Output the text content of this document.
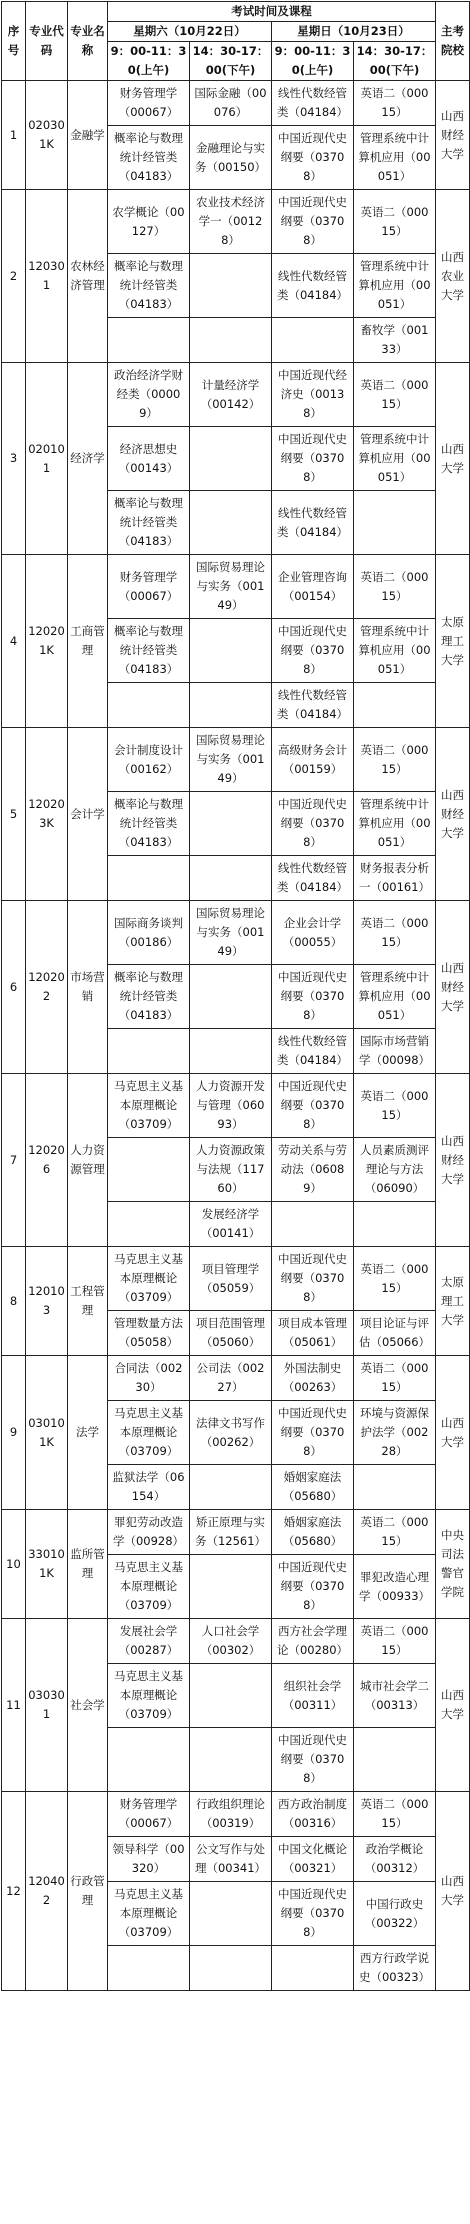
序号	专业代码	专业名称	考试时间及课程				主考院校
			星期六（10月22日）		星期日（10月23日）		
			9：00-11：30(上午)	14：30-17：00(下午)	9：00-11：30(上午)	14：30-17：00(下午)	
1	020301K	金融学	财务管理学（00067）	国际金融（00076）	线性代数经管类（04184）	英语二（00015）	山西财经大学
			概率论与数理统计经管类（04183）	金融理论与实务（00150）	中国近现代史纲要（03708）	管理系统中计算机应用（00051）	
2	120301	农林经济管理	农学概论（00127）	农业技术经济学一（00128）	中国近现代史纲要（03708）	英语二（00015）	山西农业大学
			概率论与数理统计经管类（04183）		线性代数经管类（04184）	管理系统中计算机应用（00051）	
						畜牧学（00133）	
3	020101	经济学	政治经济学财经类（00009）	计量经济学（00142）	中国近现代经济史（00138）	英语二（00015）	山西大学
			经济思想史（00143）		中国近现代史纲要（03708）	管理系统中计算机应用（00051）	
			概率论与数理统计经管类（04183）		线性代数经管类（04184）		
4	120201K	工商管理	财务管理学（00067）	国际贸易理论与实务（00149）	企业管理咨询（00154）	英语二（00015）	太原理工大学
			概率论与数理统计经管类（04183）		中国近现代史纲要（03708）	管理系统中计算机应用（00051）	
					线性代数经管类（04184）		
5	120203K	会计学	会计制度设计（00162）	国际贸易理论与实务（00149）	高级财务会计（00159）	英语二（00015）	山西财经大学
			概率论与数理统计经管类（04183）		中国近现代史纲要（03708）	管理系统中计算机应用（00051）	
					线性代数经管类（04184）	财务报表分析一（00161）	
6	120202	市场营销	国际商务谈判（00186）	国际贸易理论与实务（00149）	企业会计学（00055）	英语二（00015）	山西财经大学
			概率论与数理统计经管类（04183）		中国近现代史纲要（03708）	管理系统中计算机应用（00051）	
					线性代数经管类（04184）	国际市场营销学（00098）	
7	120206	人力资源管理	马克思主义基本原理概论（03709）	人力资源开发与管理（06093）	中国近现代史纲要（03708）	英语二（00015）	山西财经大学
				人力资源政策与法规（11760）	劳动关系与劳动法（06089）	人员素质测评理论与方法（06090）	
				发展经济学（00141）			
8	120103	工程管理	马克思主义基本原理概论（03709）	项目管理学（05059）	中国近现代史纲要（03708）	英语二（00015）	太原理工大学
			管理数量方法（05058）	项目范围管理（05060）	项目成本管理（05061）	项目论证与评估（05066）	
9	030101K	法学	合同法（00230）	公司法（00227）	外国法制史（00263）	英语二（00015）	山西大学
			马克思主义基本原理概论（03709）	法律文书写作（00262）	中国近现代史纲要（03708）	环境与资源保护法学（00228）	
			监狱法学（06154）		婚姻家庭法（05680）		
10	330101K	监所管理	罪犯劳动改造学（00928）	矫正原理与实务（12561）	婚姻家庭法（05680）	英语二（00015）	中央司法警官学院
			马克思主义基本原理概论（03709）		中国近现代史纲要（03708）	罪犯改造心理学（00933）	
11	030301	社会学	发展社会学（00287）	人口社会学（00302）	西方社会学理论（00280）	英语二（00015）	山西大学
			马克思主义基本原理概论（03709）		组织社会学（00311）	城市社会学二（00313）	
					中国近现代史纲要（03708）		
12	120402	行政管理	财务管理学（00067）	行政组织理论（00319）	西方政治制度（00316）	英语二（00015）	山西大学
			领导科学（00320）	公文写作与处理（00341）	中国文化概论（00321）	政治学概论（00312）	
			马克思主义基本原理概论（03709）		中国近现代史纲要（03708）	中国行政史（00322）	
						西方行政学说史（00323）	
